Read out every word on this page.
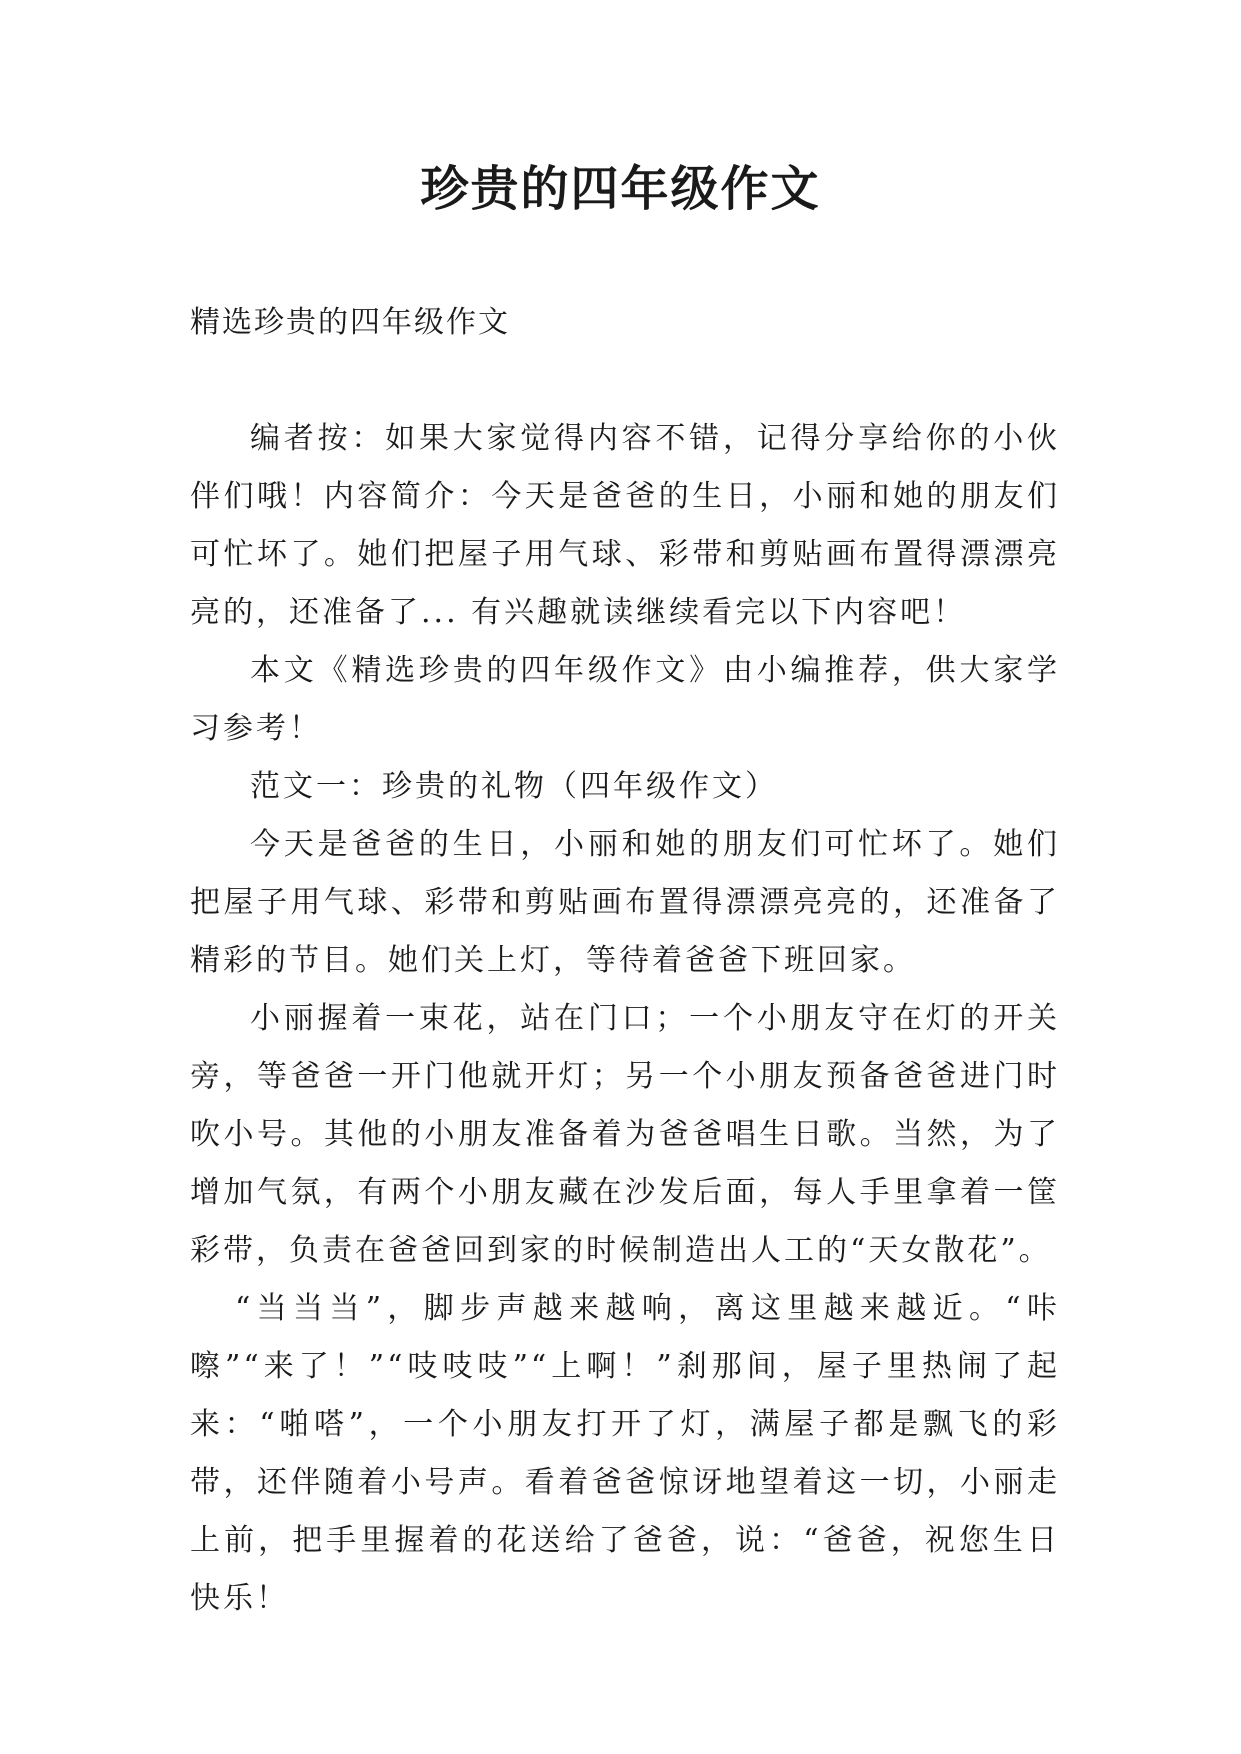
珍贵的四年级作文
精选珍贵的四年级作文

编者按：如果大家觉得内容不错，记得分享给你的小伙伴们哦！内容简介：今天是爸爸的生日，小丽和她的朋友们可忙坏了。她们把屋子用气球、彩带和剪贴画布置得漂漂亮亮的，还准备了... 有兴趣就读继续看完以下内容吧！

本文《精选珍贵的四年级作文》由小编推荐，供大家学习参考！

范文一：珍贵的礼物（四年级作文）

今天是爸爸的生日，小丽和她的朋友们可忙坏了。她们把屋子用气球、彩带和剪贴画布置得漂漂亮亮的，还准备了精彩的节目。她们关上灯，等待着爸爸下班回家。

小丽握着一束花，站在门口；一个小朋友守在灯的开关旁，等爸爸一开门他就开灯；另一个小朋友预备爸爸进门时吹小号。其他的小朋友准备着为爸爸唱生日歌。当然，为了增加气氛，有两个小朋友藏在沙发后面，每人手里拿着一筐彩带，负责在爸爸回到家的时候制造出人工的“天女散花”。

“当当当”，脚步声越来越响，离这里越来越近。“咔嚓”“来了！”“吱吱吱”“上啊！”刹那间，屋子里热闹了起来：“啪嗒”，一个小朋友打开了灯，满屋子都是飘飞的彩带，还伴随着小号声。看着爸爸惊讶地望着这一切，小丽走上前，把手里握着的花送给了爸爸，说：“爸爸，祝您生日快乐！
